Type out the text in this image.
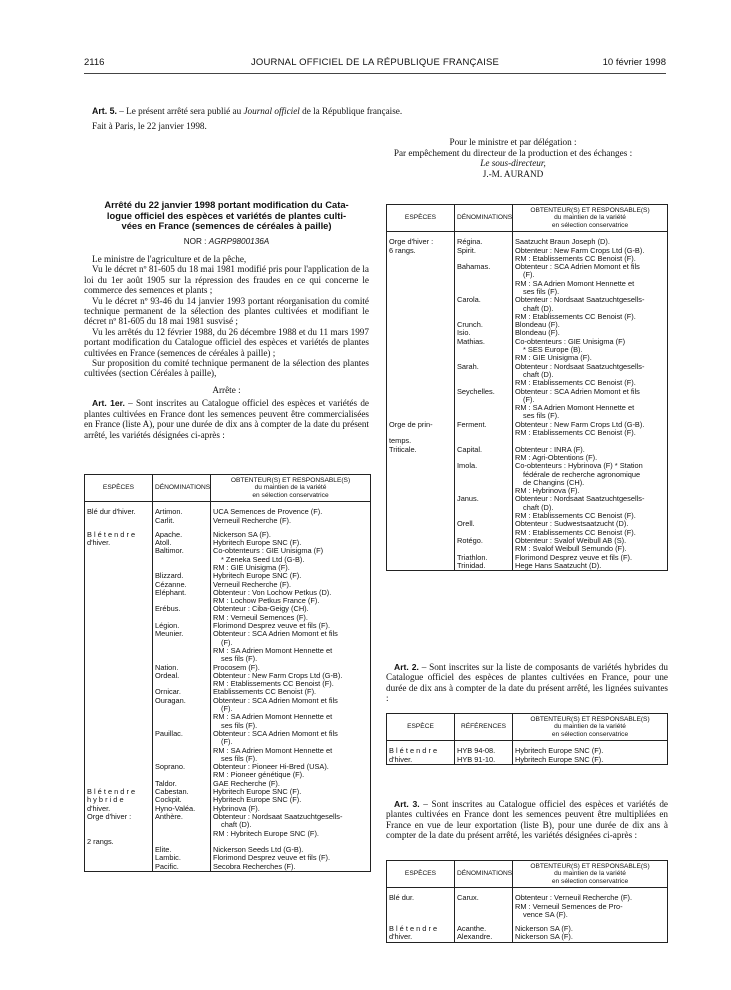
2116	JOURNAL OFFICIEL DE LA RÉPUBLIQUE FRANÇAISE	10 février 1998
Art. 5. – Le présent arrêté sera publié au Journal officiel de la République française.
Fait à Paris, le 22 janvier 1998.
Pour le ministre et par délégation :
Par empêchement du directeur de la production et des échanges :
Le sous-directeur,
J.-M. AURAND
Arrêté du 22 janvier 1998 portant modification du Cata-
logue officiel des espèces et variétés de plantes culti-
vées en France (semences de céréales à paille)
NOR : AGRP9800136A
Le ministre de l'agriculture et de la pêche,
Vu le décret nº 81-605 du 18 mai 1981 modifié pris pour l'application de la loi du 1er août 1905 sur la répression des fraudes en ce qui concerne le commerce des semences et plants ;
Vu le décret nº 93-46 du 14 janvier 1993 portant réorganisation du comité technique permanent de la sélection des plantes cultivées et modifiant le décret nº 81-605 du 18 mai 1981 susvisé ;
Vu les arrêtés du 12 février 1988, du 26 décembre 1988 et du 11 mars 1997 portant modification du Catalogue officiel des espèces et variétés de plantes cultivées en France (semences de céréales à paille) ;
Sur proposition du comité technique permanent de la sélection des plantes cultivées (section Céréales à paille),
Arrête :
Art. 1er. – Sont inscrites au Catalogue officiel des espèces et variétés de plantes cultivées en France dont les semences peuvent être commercialisées en France (liste A), pour une durée de dix ans à compter de la date du présent arrêté, les variétés désignées ci-après :
ESPÈCES	DÉNOMINATIONS	OBTENTEUR(S) ET RESPONSABLE(S)
du maintien de la variété
en sélection conservatrice

Blé dur d'hiver.	Artimon.	UCA Semences de Provence (F).

	Carlit.	Verneuil Recherche (F).

B l é t e n d r e	Apache.	Nickerson SA (F).

d'hiver.	Atoll.	Hybritech Europe SNC (F).

	Baltimor.	Co-obtenteurs : GIE Unisigma (F)
* Zeneka Seed Ltd (G-B).
RM : GIE Unisigma (F).

	Blizzard.	Hybritech Europe SNC (F).

	Cézanne.	Verneuil Recherche (F).

	Eléphant.	Obtenteur : Von Lochow Petkus (D).
RM : Lochow Petkus France (F).

	Erébus.	Obtenteur : Ciba-Geigy (CH).
RM : Verneuil Semences (F).

	Légion.	Florimond Desprez veuve et fils (F).

	Meunier.	Obtenteur : SCA Adrien Momont et fils
(F).
RM : SA Adrien Momont Hennette et
ses fils (F).

	Nation.	Procosem (F).

	Ordeal.	Obtenteur : New Farm Crops Ltd (G-B).
RM : Etablissements CC Benoist (F).

	Ornicar.	Etablissements CC Benoist (F).

	Ouragan.	Obtenteur : SCA Adrien Momont et fils
(F).
RM : SA Adrien Momont Hennette et
ses fils (F).

	Pauillac.	Obtenteur : SCA Adrien Momont et fils
(F).
RM : SA Adrien Momont Hennette et
ses fils (F).

	Soprano.	Obtenteur : Pioneer Hi-Bred (USA).
RM : Pioneer génétique (F).

	Taldor.	GAE Recherche (F).

B l é t e n d r e	Cabestan.	Hybritech Europe SNC (F).

h y b r i d e	Cockpit.	Hybritech Europe SNC (F).

d'hiver.	Hyno-Valéa.	Hybrinova (F).

Orge d'hiver :	Anthère.	Obtenteur : Nordsaat Saatzuchtgesells-
chaft (D).
RM : Hybritech Europe SNC (F).

2 rangs.		
	Elite.	Nickerson Seeds Ltd (G-B).

	Lambic.	Florimond Desprez veuve et fils (F).

	Pacific.	Secobra Recherches (F).
ESPÈCES	DÉNOMINATIONS	OBTENTEUR(S) ET RESPONSABLE(S)
du maintien de la variété
en sélection conservatrice

Orge d'hiver :	Régina.	Saatzucht Braun Joseph (D).

6 rangs.	Spirit.	Obtenteur : New Farm Crops Ltd (G-B).
RM : Etablissements CC Benoist (F).

	Bahamas.	Obtenteur : SCA Adrien Momont et fils
(F).
RM : SA Adrien Momont Hennette et
ses fils (F).

	Carola.	Obtenteur : Nordsaat Saatzuchtgesells-
chaft (D).
RM : Etablissements CC Benoist (F).

	Crunch.	Blondeau (F).

	Isio.	Blondeau (F).

	Mathias.	Co-obtenteurs : GIE Unisigma (F)
* SES Europe (B).
RM : GIE Unisigma (F).

	Sarah.	Obtenteur : Nordsaat Saatzuchtgesells-
chaft (D).
RM : Etablissements CC Benoist (F).

	Seychelles.	Obtenteur : SCA Adrien Momont et fils
(F).
RM : SA Adrien Momont Hennette et
ses fils (F).

Orge de prin-	Ferment.	Obtenteur : New Farm Crops Ltd (G-B).
RM : Etablissements CC Benoist (F).

temps.		
Triticale.	Capital.	Obtenteur : INRA (F).
RM : Agri-Obtentions (F).

	Imola.	Co-obtenteurs : Hybrinova (F) * Station
fédérale de recherche agronomique
de Changins (CH).
RM : Hybrinova (F).

	Janus.	Obtenteur : Nordsaat Saatzuchtgesells-
chaft (D).
RM : Etablissements CC Benoist (F).

	Orell.	Obtenteur : Sudwestsaatzucht (D).
RM : Etablissements CC Benoist (F).

	Rotégo.	Obtenteur : Svalof Weibull AB (S).
RM : Svalof Weibull Semundo (F).

	Triathlon.	Florimond Desprez veuve et fils (F).

	Trinidad.	Hege Hans Saatzucht (D).
Art. 2. – Sont inscrites sur la liste de composants de variétés hybrides du Catalogue officiel des espèces de plantes cultivées en France, pour une durée de dix ans à compter de la date du présent arrêté, les lignées suivantes :
ESPÈCE	RÉFÉRENCES	OBTENTEUR(S) ET RESPONSABLE(S)
du maintien de la variété
en sélection conservatrice

B l é t e n d r e	HYB 94-08.	Hybritech Europe SNC (F).

d'hiver.	HYB 91-10.	Hybritech Europe SNC (F).
Art. 3. – Sont inscrites au Catalogue officiel des espèces et variétés de plantes cultivées en France dont les semences peuvent être multipliées en France en vue de leur exportation (liste B), pour une durée de dix ans à compter de la date du présent arrêté, les variétés désignées ci-après :
ESPÈCES	DÉNOMINATIONS	OBTENTEUR(S) ET RESPONSABLE(S)
du maintien de la variété
en sélection conservatrice

Blé dur.	Carux.	Obtenteur : Verneuil Recherche (F).
RM : Verneuil Semences de Pro-
vence SA (F).

B l é t e n d r e	Acanthe.	Nickerson SA (F).

d'hiver.	Alexandre.	Nickerson SA (F).
